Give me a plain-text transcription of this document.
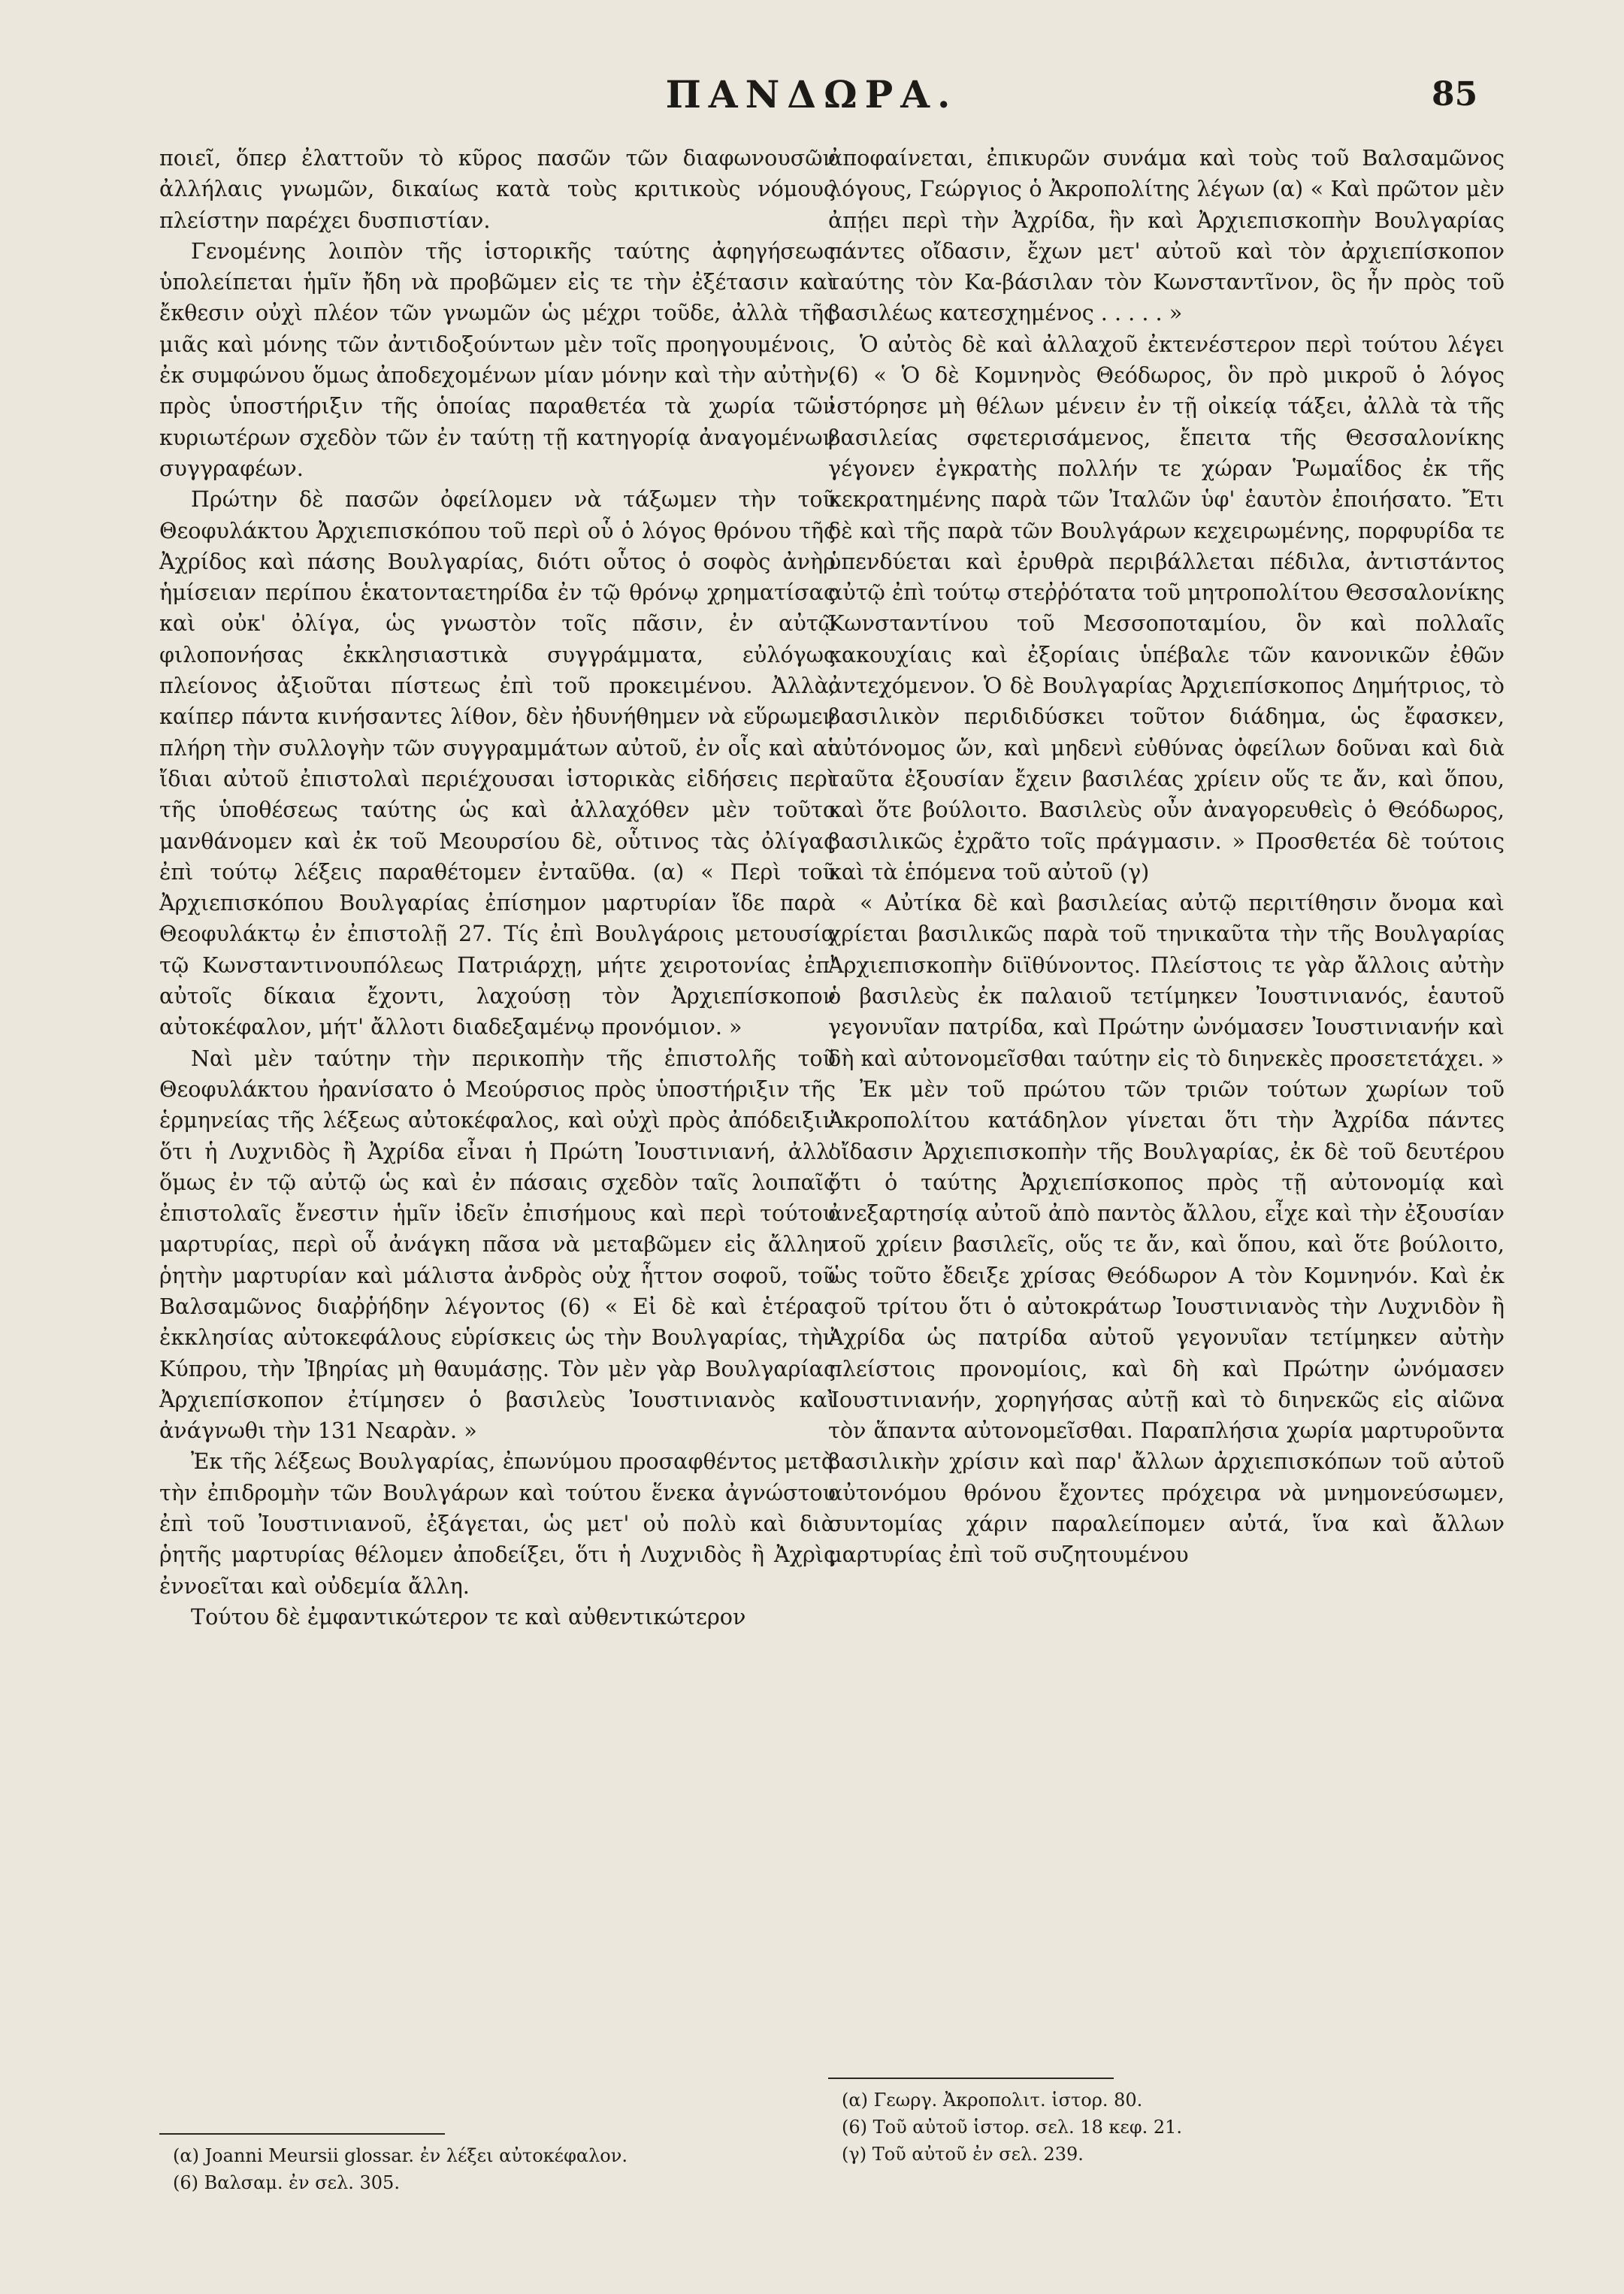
ΠΑΝΔΩΡΑ.	85

ποιεῖ, ὅπερ ἐλαττοῦν τὸ κῦρος πασῶν τῶν διαφωνουσῶν ἀλλήλαις γνωμῶν, δικαίως κατὰ τοὺς κριτικοὺς νόμους πλείστην παρέχει δυσπιστίαν.

Γενομένης λοιπὸν τῆς ἱστορικῆς ταύτης ἀφηγήσεως ὑπολείπεται ἡμῖν ἤδη νὰ προβῶμεν εἰς τε τὴν ἐξέτασιν καὶ ἔκθεσιν οὐχὶ πλέον τῶν γνωμῶν ὡς μέχρι τοῦδε, ἀλλὰ τῆς μιᾶς καὶ μόνης τῶν ἀντιδοξούντων μὲν τοῖς προηγουμένοις, ἐκ συμφώνου ὅμως ἀποδεχομένων μίαν μόνην καὶ τὴν αὐτὴν, πρὸς ὑποστήριξιν τῆς ὁποίας παραθετέα τὰ χωρία τῶν κυριωτέρων σχεδὸν τῶν ἐν ταύτῃ τῇ κατηγορίᾳ ἀναγομένων συγγραφέων.

Πρώτην δὲ πασῶν ὀφείλομεν νὰ τάξωμεν τὴν τοῦ Θεοφυλάκτου Ἀρχιεπισκόπου τοῦ περὶ οὗ ὁ λόγος θρόνου τῆς Ἀχρίδος καὶ πάσης Βουλγαρίας, διότι οὗτος ὁ σοφὸς ἀνὴρ ἡμίσειαν περίπου ἑκατονταετηρίδα ἐν τῷ θρόνῳ χρηματίσας καὶ οὐκ' ὀλίγα, ὡς γνωστὸν τοῖς πᾶσιν, ἐν αὐτῷ φιλοπονήσας ἐκκλησιαστικὰ συγγράμματα, εὐλόγως πλείονος ἀξιοῦται πίστεως ἐπὶ τοῦ προκειμένου. Ἀλλὰ, καίπερ πάντα κινήσαντες λίθον, δὲν ἠδυνήθημεν νὰ εὕρωμεν πλήρη τὴν συλλογὴν τῶν συγγραμμάτων αὐτοῦ, ἐν οἷς καὶ αἱ ἴδιαι αὐτοῦ ἐπιστολαὶ περιέχουσαι ἱστορικὰς εἰδήσεις περὶ τῆς ὑποθέσεως ταύτης ὡς καὶ ἀλλαχόθεν μὲν τοῦτο μανθάνομεν καὶ ἐκ τοῦ Μεουρσίου δὲ, οὗτινος τὰς ὀλίγας ἐπὶ τούτῳ λέξεις παραθέτομεν ἐνταῦθα. (α) « Περὶ τοῦ Ἀρχιεπισκόπου Βουλγαρίας ἐπίσημον μαρτυρίαν ἴδε παρὰ Θεοφυλάκτῳ ἐν ἐπιστολῇ 27. Τίς ἐπὶ Βουλγάροις μετουσία τῷ Κωνσταντινουπόλεως Πατριάρχῃ, μήτε χειροτονίας ἐπ' αὐτοῖς δίκαια ἔχοντι, λαχούσῃ τὸν Ἀρχιεπίσκοπον αὐτοκέφαλον, μήτ' ἄλλοτι διαδεξαμένῳ προνόμιον. »

Ναὶ μὲν ταύτην τὴν περικοπὴν τῆς ἐπιστολῆς τοῦ Θεοφυλάκτου ἠρανίσατο ὁ Μεούρσιος πρὸς ὑποστήριξιν τῆς ἑρμηνείας τῆς λέξεως αὐτοκέφαλος, καὶ οὐχὶ πρὸς ἀπόδειξιν ὅτι ἡ Λυχνιδὸς ἢ Ἀχρίδα εἶναι ἡ Πρώτη Ἰουστινιανή, ἀλλ' ὅμως ἐν τῷ αὐτῷ ὡς καὶ ἐν πάσαις σχεδὸν ταῖς λοιπαῖς ἐπιστολαῖς ἔνεστιν ἡμῖν ἰδεῖν ἐπισήμους καὶ περὶ τούτου μαρτυρίας, περὶ οὗ ἀνάγκη πᾶσα νὰ μεταβῶμεν εἰς ἄλλην ῥητὴν μαρτυρίαν καὶ μάλιστα ἀνδρὸς οὐχ ἧττον σοφοῦ, τοῦ Βαλσαμῶνος διαῤῥήδην λέγοντος (6) « Εἰ δὲ καὶ ἑτέρας ἐκκλησίας αὐτοκεφάλους εὑρίσκεις ὡς τὴν Βουλγαρίας, τὴν Κύπρου, τὴν Ἰβηρίας μὴ θαυμάσῃς. Τὸν μὲν γὰρ Βουλγαρίας Ἀρχιεπίσκοπον ἐτίμησεν ὁ βασιλεὺς Ἰουστινιανὸς καὶ ἀνάγνωθι τὴν 131 Νεαρὰν. »

Ἐκ τῆς λέξεως Βουλγαρίας, ἐπωνύμου προσαφθέντος μετὰ τὴν ἐπιδρομὴν τῶν Βουλγάρων καὶ τούτου ἕνεκα ἀγνώστου ἐπὶ τοῦ Ἰουστινιανοῦ, ἐξάγεται, ὡς μετ' οὐ πολὺ καὶ διὰ ῥητῆς μαρτυρίας θέλομεν ἀποδείξει, ὅτι ἡ Λυχνιδὸς ἢ Ἀχρὶς ἐννοεῖται καὶ οὐδεμία ἄλλη.

Τούτου δὲ ἐμφαντικώτερον τε καὶ αὐθεντικώτερον

ἀποφαίνεται, ἐπικυρῶν συνάμα καὶ τοὺς τοῦ Βαλσαμῶνος λόγους, Γεώργιος ὁ Ἀκροπολίτης λέγων (α) « Καὶ πρῶτον μὲν ἀπῄει περὶ τὴν Ἀχρίδα, ἣν καὶ Ἀρχιεπισκοπὴν Βουλγαρίας πάντες οἴδασιν, ἔχων μετ' αὐτοῦ καὶ τὸν ἀρχιεπίσκοπον ταύτης τὸν Κα-βάσιλαν τὸν Κωνσταντῖνον, ὃς ἦν πρὸς τοῦ βασιλέως κατεσχημένος . . . . . »

Ὁ αὐτὸς δὲ καὶ ἀλλαχοῦ ἐκτενέστερον περὶ τούτου λέγει (6) « Ὁ δὲ Κομνηνὸς Θεόδωρος, ὃν πρὸ μικροῦ ὁ λόγος ἱστόρησε μὴ θέλων μένειν ἐν τῇ οἰκείᾳ τάξει, ἀλλὰ τὰ τῆς βασιλείας σφετερισάμενος, ἔπειτα τῆς Θεσσαλονίκης γέγονεν ἐγκρατὴς πολλήν τε χώραν Ῥωμαΐδος ἐκ τῆς κεκρατημένης παρὰ τῶν Ἰταλῶν ὑφ' ἑαυτὸν ἐποιήσατο. Ἔτι δὲ καὶ τῆς παρὰ τῶν Βουλγάρων κεχειρωμένης, πορφυρίδα τε ὑπενδύεται καὶ ἐρυθρὰ περιβάλλεται πέδιλα, ἀντιστάντος αὐτῷ ἐπὶ τούτῳ στεῤῥότατα τοῦ μητροπολίτου Θεσσαλονίκης Κωνσταντίνου τοῦ Μεσσοποταμίου, ὃν καὶ πολλαῖς κακουχίαις καὶ ἐξορίαις ὑπέβαλε τῶν κανονικῶν ἐθῶν ἀντεχόμενον. Ὁ δὲ Βουλγαρίας Ἀρχιεπίσκοπος Δημήτριος, τὸ βασιλικὸν περιδιδύσκει τοῦτον διάδημα, ὡς ἔφασκεν, αὐτόνομος ὤν, καὶ μηδενὶ εὐθύνας ὀφείλων δοῦναι καὶ διὰ ταῦτα ἐξουσίαν ἔχειν βασιλέας χρίειν οὕς τε ἄν, καὶ ὅπου, καὶ ὅτε βούλοιτο. Βασιλεὺς οὖν ἀναγορευθεὶς ὁ Θεόδωρος, βασιλικῶς ἐχρᾶτο τοῖς πράγμασιν. » Προσθετέα δὲ τούτοις καὶ τὰ ἑπόμενα τοῦ αὐτοῦ (γ)

« Αὐτίκα δὲ καὶ βασιλείας αὐτῷ περιτίθησιν ὄνομα καὶ χρίεται βασιλικῶς παρὰ τοῦ τηνικαῦτα τὴν τῆς Βουλγαρίας Ἀρχιεπισκοπὴν διϊθύνοντος. Πλείστοις τε γὰρ ἄλλοις αὐτὴν ὁ βασιλεὺς ἐκ παλαιοῦ τετίμηκεν Ἰουστινιανός, ἑαυτοῦ γεγονυῖαν πατρίδα, καὶ Πρώτην ὠνόμασεν Ἰουστινιανήν καὶ δὴ καὶ αὐτονομεῖσθαι ταύτην εἰς τὸ διηνεκὲς προσετετάχει. »

Ἐκ μὲν τοῦ πρώτου τῶν τριῶν τούτων χωρίων τοῦ Ἀκροπολίτου κατάδηλον γίνεται ὅτι τὴν Ἀχρίδα πάντες οἴδασιν Ἀρχιεπισκοπὴν τῆς Βουλγαρίας, ἐκ δὲ τοῦ δευτέρου ὅτι ὁ ταύτης Ἀρχιεπίσκοπος πρὸς τῇ αὐτονομίᾳ καὶ ἀνεξαρτησίᾳ αὐτοῦ ἀπὸ παντὸς ἄλλου, εἶχε καὶ τὴν ἐξουσίαν τοῦ χρίειν βασιλεῖς, οὕς τε ἄν, καὶ ὅπου, καὶ ὅτε βούλοιτο, ὡς τοῦτο ἔδειξε χρίσας Θεόδωρον Α τὸν Κομνηνόν. Καὶ ἐκ τοῦ τρίτου ὅτι ὁ αὐτοκράτωρ Ἰουστινιανὸς τὴν Λυχνιδὸν ἢ Ἀχρίδα ὡς πατρίδα αὐτοῦ γεγονυῖαν τετίμηκεν αὐτὴν πλείστοις προνομίοις, καὶ δὴ καὶ Πρώτην ὠνόμασεν Ἰουστινιανήν, χορηγήσας αὐτῇ καὶ τὸ διηνεκῶς εἰς αἰῶνα τὸν ἅπαντα αὐτονομεῖσθαι. Παραπλήσια χωρία μαρτυροῦντα βασιλικὴν χρίσιν καὶ παρ' ἄλλων ἀρχιεπισκόπων τοῦ αὐτοῦ αὐτονόμου θρόνου ἔχοντες πρόχειρα νὰ μνημονεύσωμεν, συντομίας χάριν παραλείπομεν αὐτά, ἵνα καὶ ἄλλων μαρτυρίας ἐπὶ τοῦ συζητουμένου

(α) Joanni Meursii glossar. ἐν λέξει αὐτοκέφαλον.

(6) Βαλσαμ. ἐν σελ. 305.

(α) Γεωργ. Ἀκροπολιτ. ἱστορ. 80.

(6) Τοῦ αὐτοῦ ἱστορ. σελ. 18 κεφ. 21.

(γ) Τοῦ αὐτοῦ ἐν σελ. 239.
